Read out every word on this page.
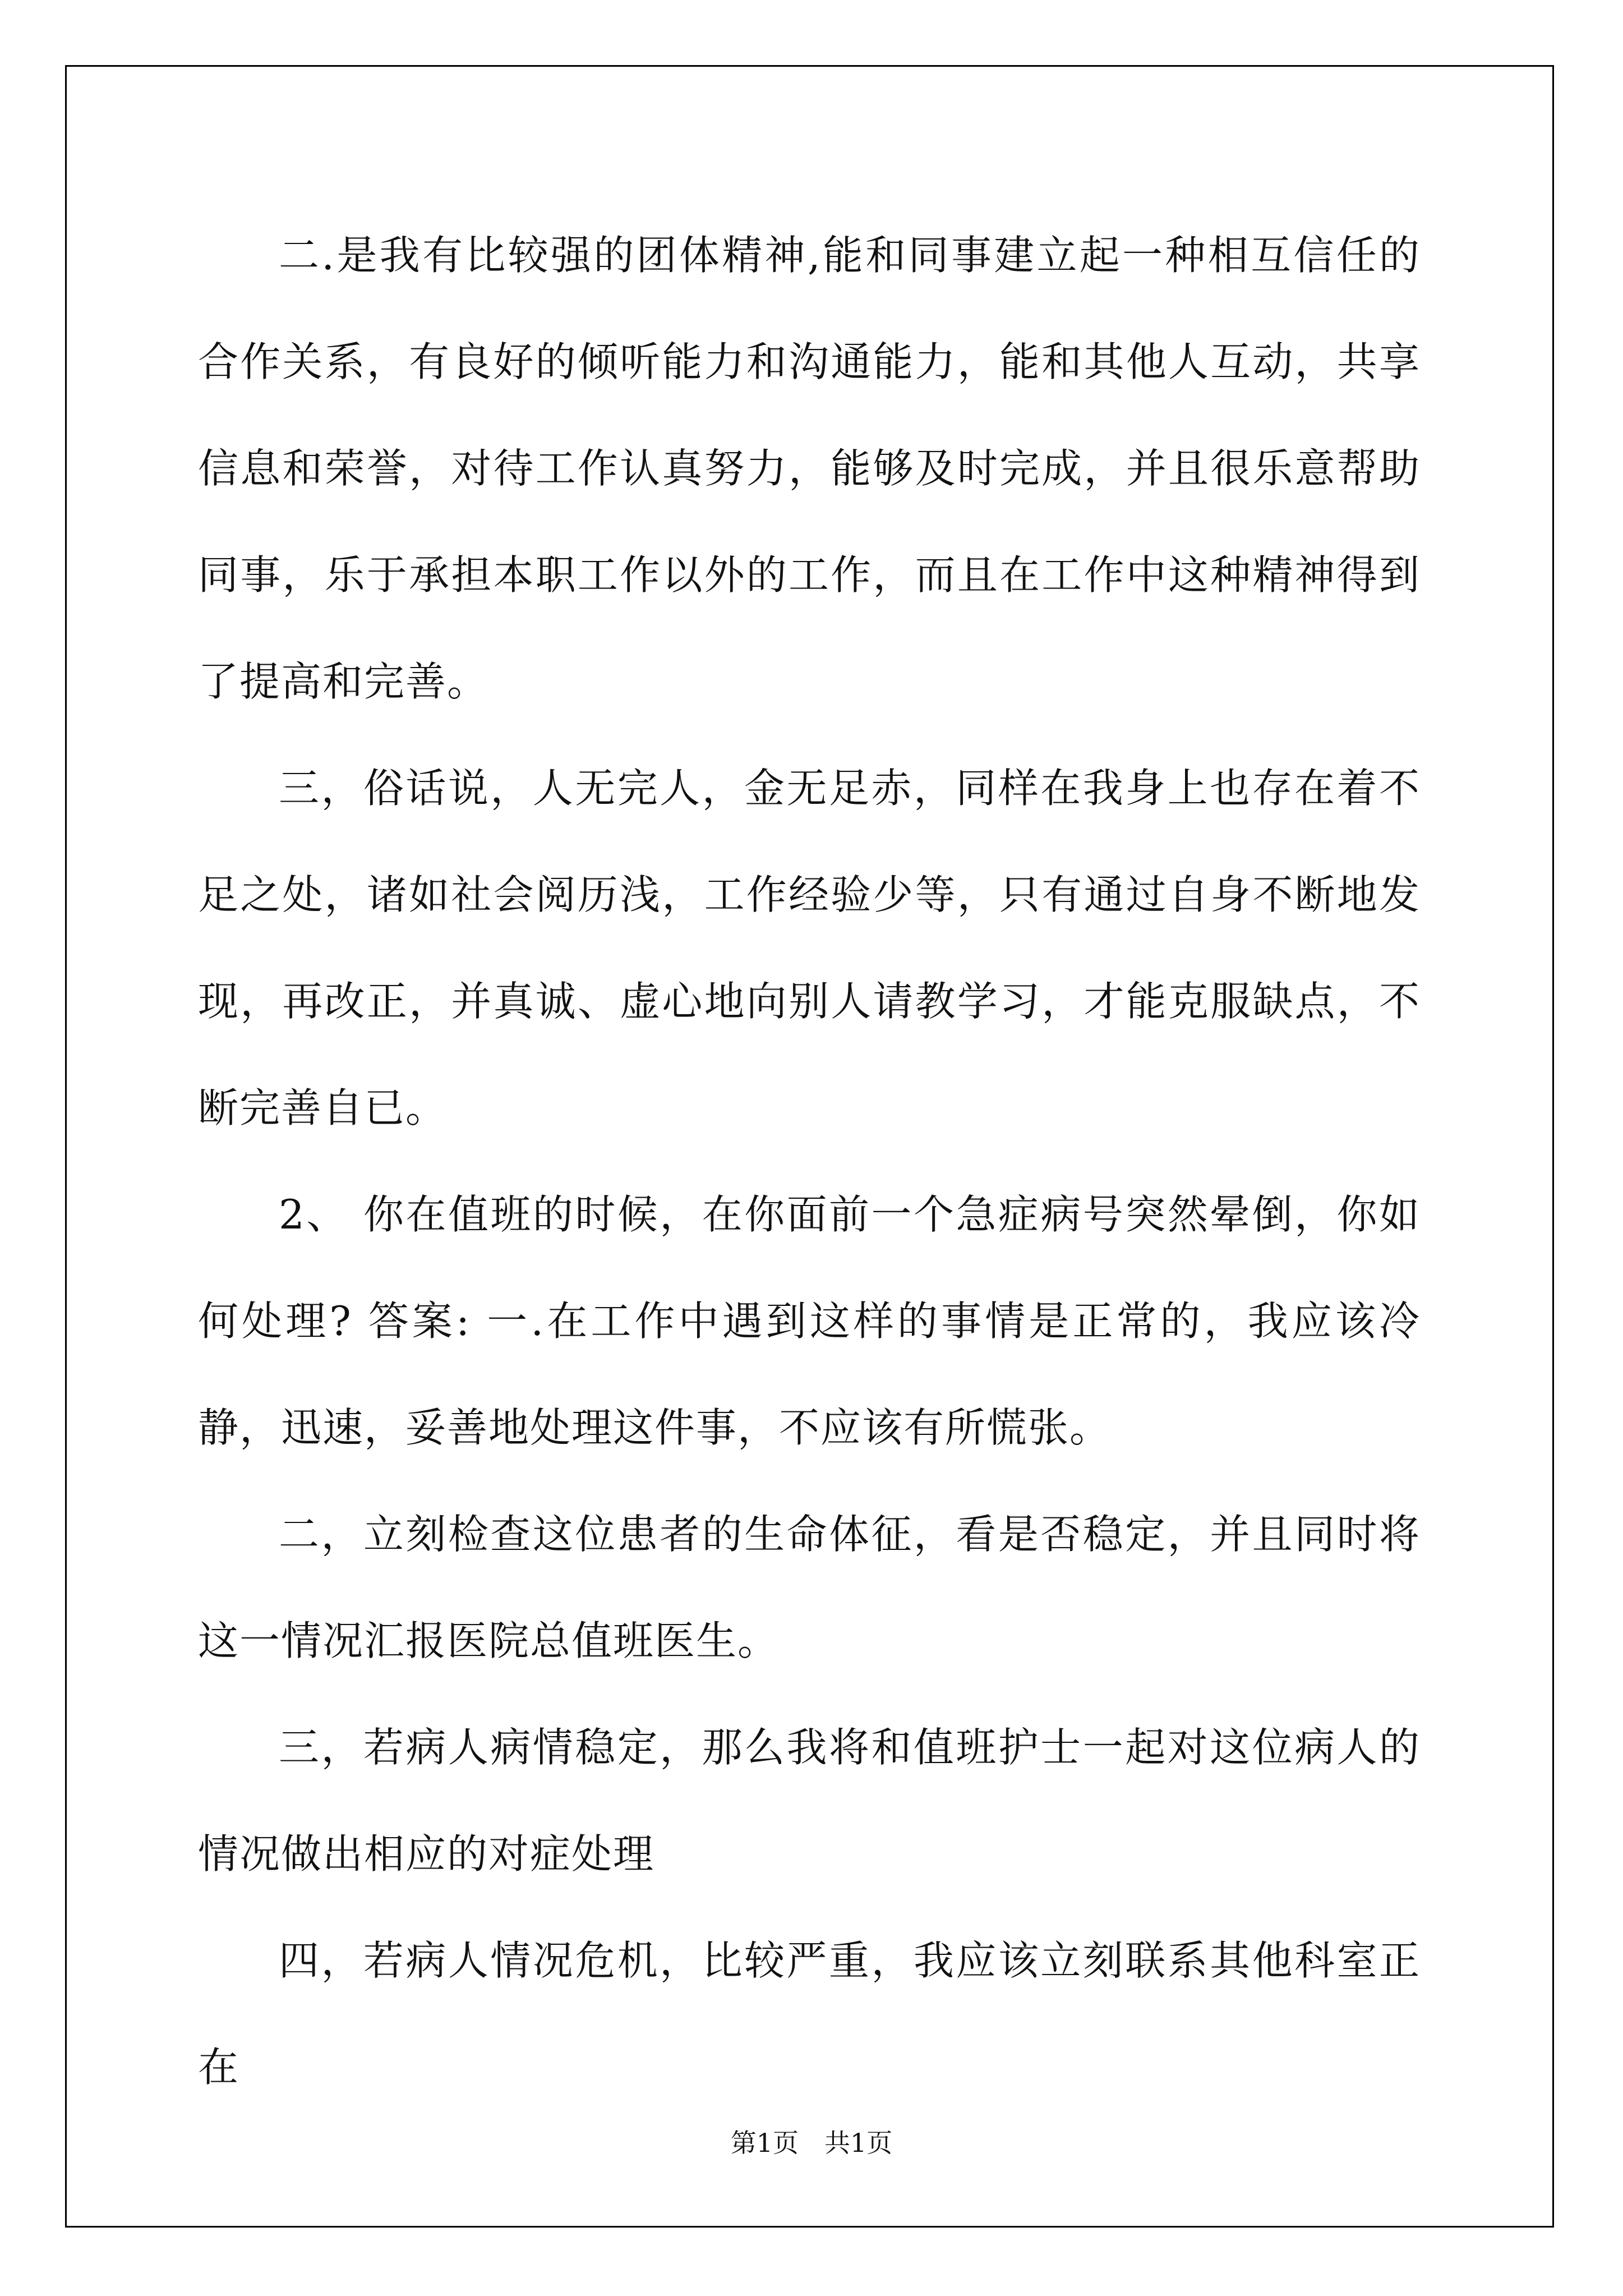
二.是我有比较强的团体精神,能和同事建立起一种相互信任的合作关系，有良好的倾听能力和沟通能力，能和其他人互动，共享信息和荣誉，对待工作认真努力，能够及时完成，并且很乐意帮助同事，乐于承担本职工作以外的工作，而且在工作中这种精神得到了提高和完善。

三，俗话说，人无完人，金无足赤，同样在我身上也存在着不足之处，诸如社会阅历浅，工作经验少等，只有通过自身不断地发现，再改正，并真诚、虚心地向别人请教学习，才能克服缺点，不断完善自已。

2、 你在值班的时候，在你面前一个急症病号突然晕倒，你如何处理? 答案: 一.在工作中遇到这样的事情是正常的，我应该冷静，迅速，妥善地处理这件事，不应该有所慌张。

二，立刻检查这位患者的生命体征，看是否稳定，并且同时将这一情况汇报医院总值班医生。

三，若病人病情稳定，那么我将和值班护士一起对这位病人的情况做出相应的对症处理

四，若病人情况危机，比较严重，我应该立刻联系其他科室正在

第1页　共1页
